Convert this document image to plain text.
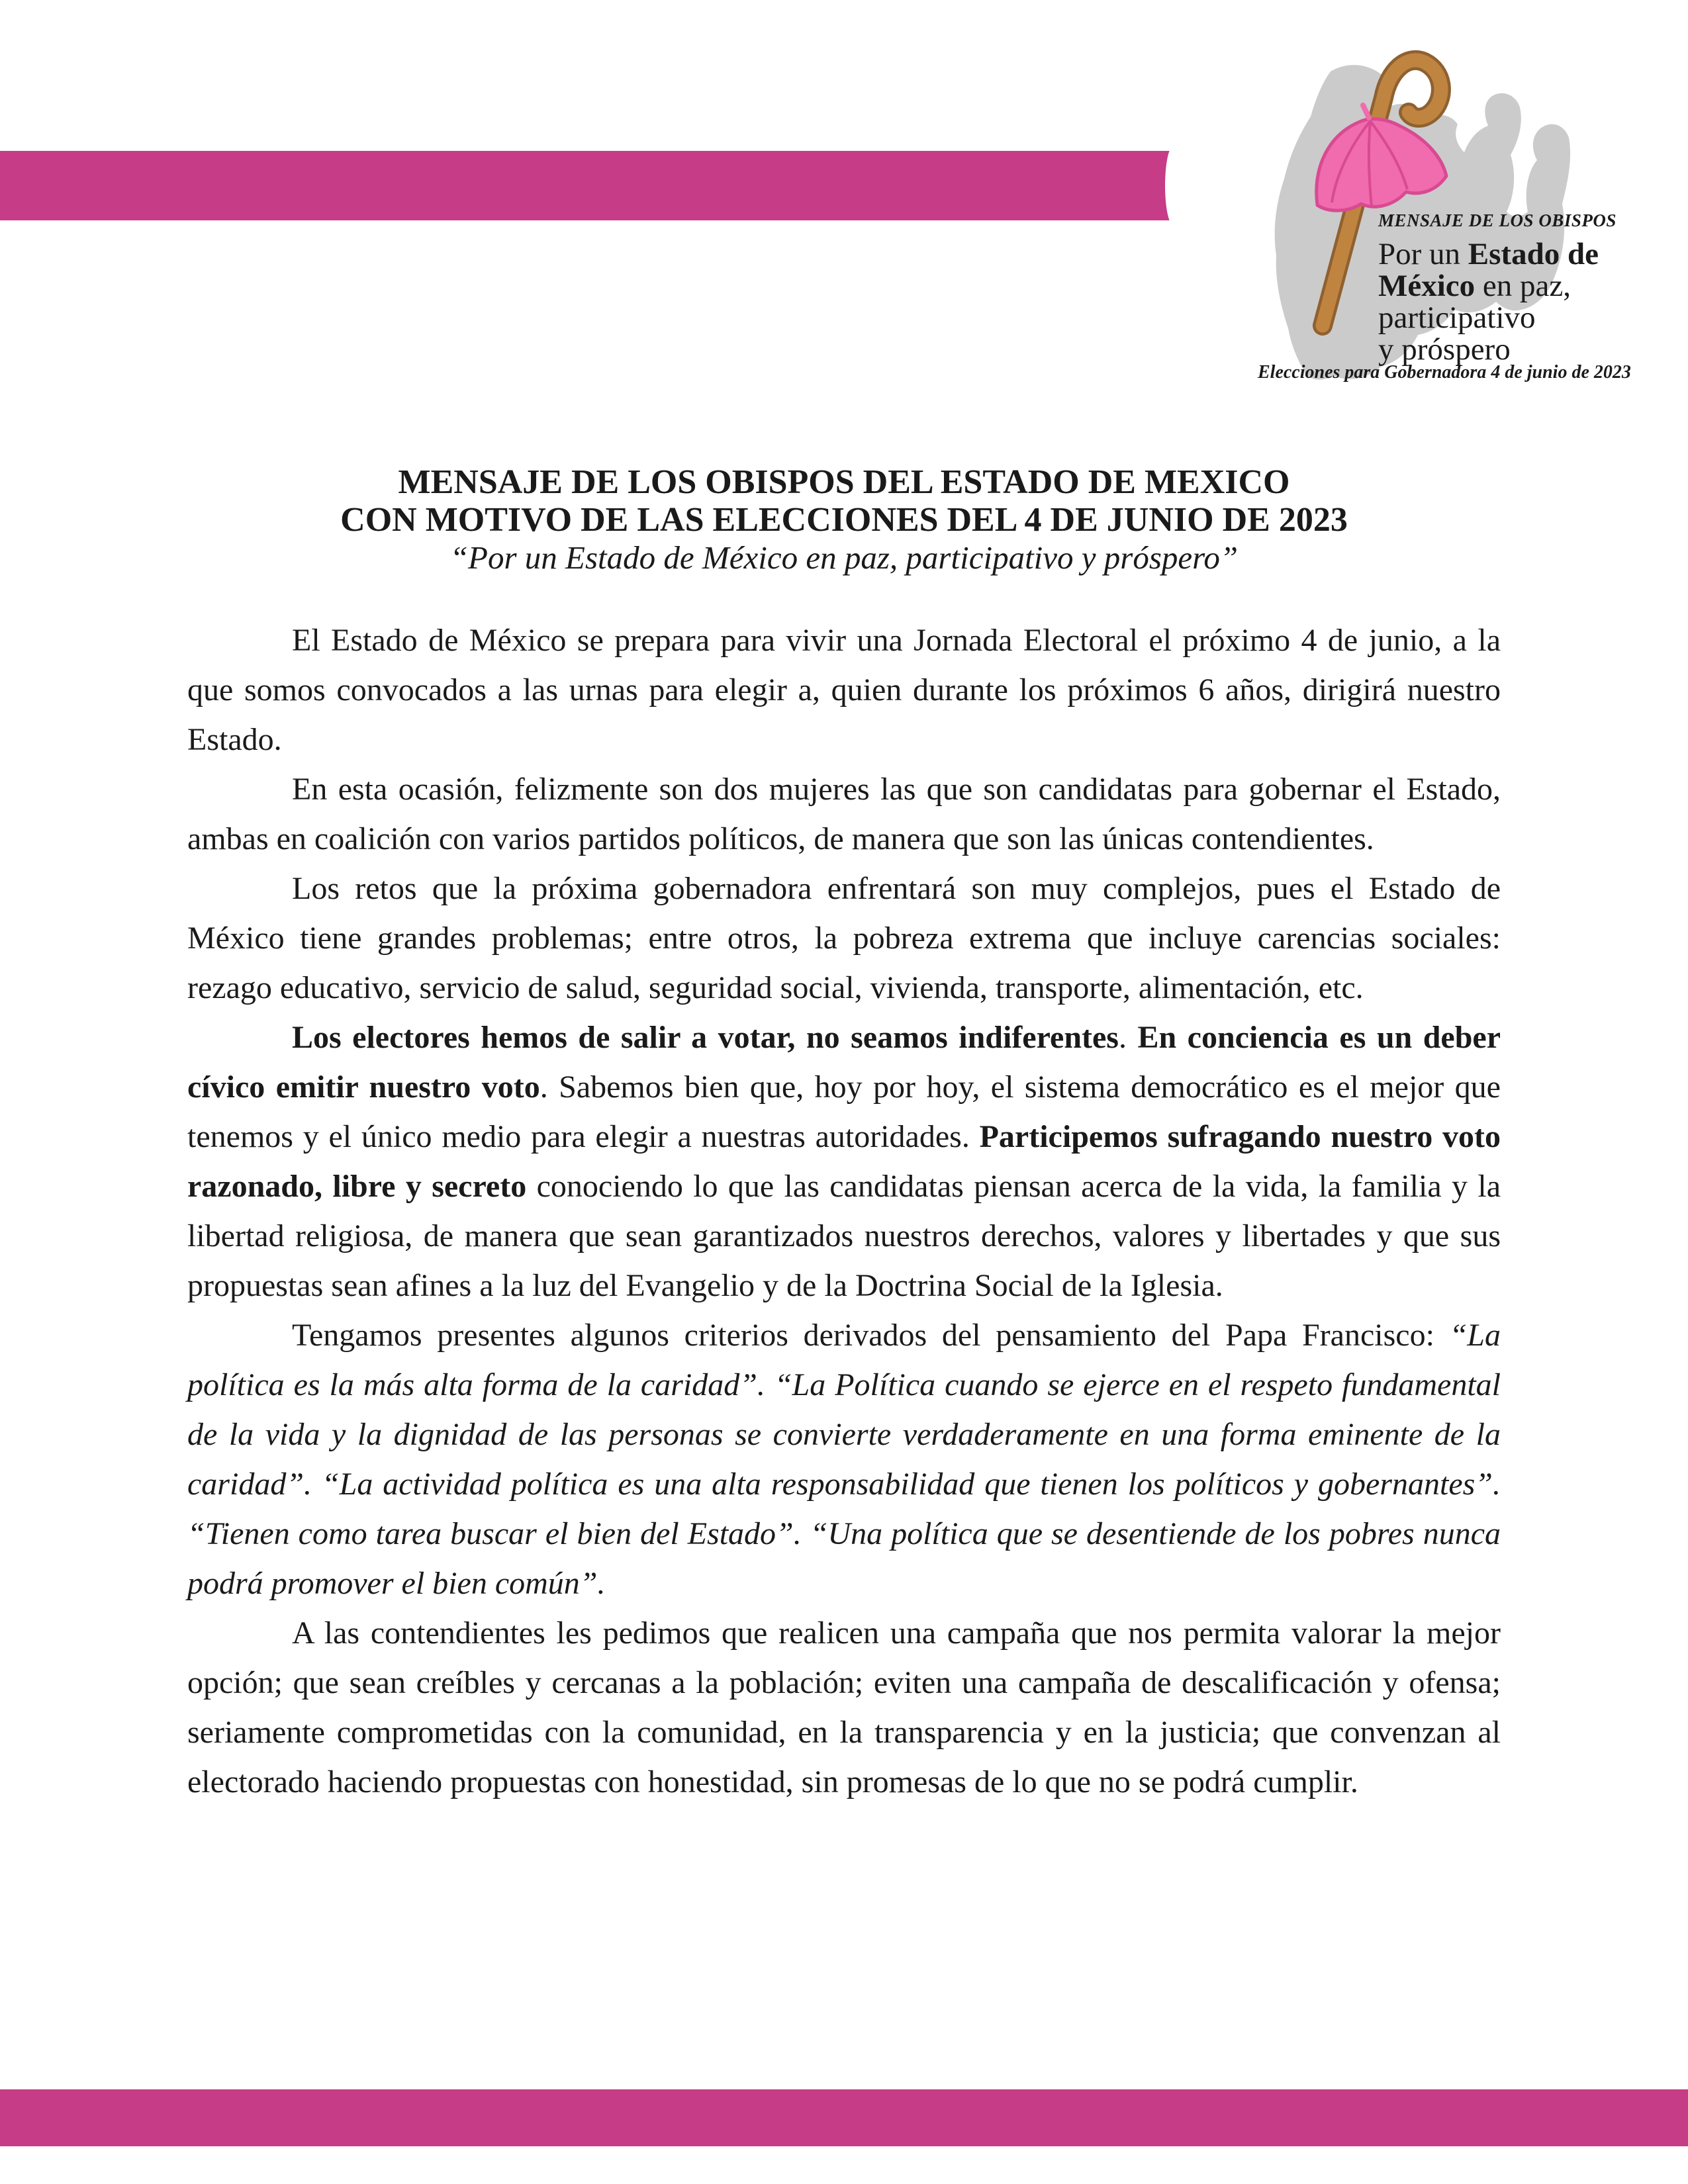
MENSAJE DE LOS OBISPOS
Por un Estado de
México en paz,
participativo
y próspero
Elecciones para Gobernadora 4 de junio de 2023
MENSAJE DE LOS OBISPOS DEL ESTADO DE MEXICO
CON MOTIVO DE LAS ELECCIONES DEL 4 DE JUNIO DE 2023
“Por un Estado de México en paz, participativo y próspero”

El Estado de México se prepara para vivir una Jornada Electoral el próximo 4 de junio, a la que somos convocados a las urnas para elegir a, quien durante los próximos 6 años, dirigirá nuestro Estado.

En esta ocasión, felizmente son dos mujeres las que son candidatas para gobernar el Estado, ambas en coalición con varios partidos políticos, de manera que son las únicas contendientes.

Los retos que la próxima gobernadora enfrentará son muy complejos, pues el Estado de México tiene grandes problemas; entre otros, la pobreza extrema que incluye carencias sociales: rezago educativo, servicio de salud, seguridad social, vivienda, transporte, alimentación, etc.

Los electores hemos de salir a votar, no seamos indiferentes. En conciencia es un deber cívico emitir nuestro voto. Sabemos bien que, hoy por hoy, el sistema democrático es el mejor que tenemos y el único medio para elegir a nuestras autoridades. Participemos sufragando nuestro voto razonado, libre y secreto conociendo lo que las candidatas piensan acerca de la vida, la familia y la libertad religiosa, de manera que sean garantizados nuestros derechos, valores y libertades y que sus propuestas sean afines a la luz del Evangelio y de la Doctrina Social de la Iglesia.

Tengamos presentes algunos criterios derivados del pensamiento del Papa Francisco: “La política es la más alta forma de la caridad”. “La Política cuando se ejerce en el respeto fundamental de la vida y la dignidad de las personas se convierte verdaderamente en una forma eminente de la caridad”. “La actividad política es una alta responsabilidad que tienen los políticos y gobernantes”. “Tienen como tarea buscar el bien del Estado”. “Una política que se desentiende de los pobres nunca podrá promover el bien común”.

A las contendientes les pedimos que realicen una campaña que nos permita valorar la mejor opción; que sean creíbles y cercanas a la población; eviten una campaña de descalificación y ofensa; seriamente comprometidas con la comunidad, en la transparencia y en la justicia; que convenzan al electorado haciendo propuestas con honestidad, sin promesas de lo que no se podrá cumplir.
